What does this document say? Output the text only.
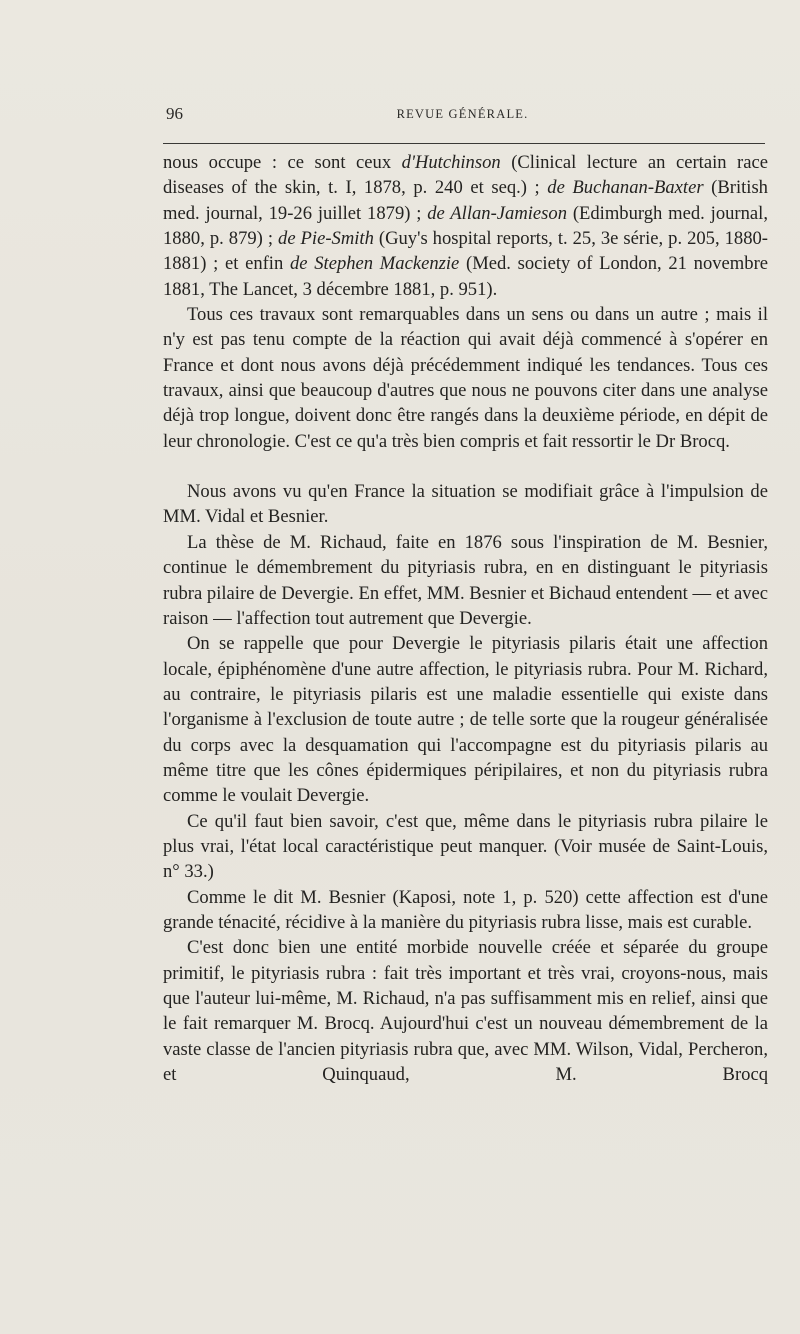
96	REVUE GÉNÉRALE.

nous occupe : ce sont ceux d'Hutchinson (Clinical lecture an certain race diseases of the skin, t. I, 1878, p. 240 et seq.) ; de Buchanan-Baxter (British med. journal, 19-26 juillet 1879) ; de Allan-Jamieson (Edimburgh med. journal, 1880, p. 879) ; de Pie-Smith (Guy's hospital reports, t. 25, 3e série, p. 205, 1880-1881) ; et enfin de Stephen Mackenzie (Med. society of London, 21 novembre 1881, The Lancet, 3 décembre 1881, p. 951).

Tous ces travaux sont remarquables dans un sens ou dans un autre ; mais il n'y est pas tenu compte de la réaction qui avait déjà commencé à s'opérer en France et dont nous avons déjà précédemment indiqué les tendances. Tous ces travaux, ainsi que beaucoup d'autres que nous ne pouvons citer dans une analyse déjà trop longue, doivent donc être rangés dans la deuxième période, en dépit de leur chronologie. C'est ce qu'a très bien compris et fait ressortir le Dr Brocq.

Nous avons vu qu'en France la situation se modifiait grâce à l'impulsion de MM. Vidal et Besnier.

La thèse de M. Richaud, faite en 1876 sous l'inspiration de M. Besnier, continue le démembrement du pityriasis rubra, en en distinguant le pityriasis rubra pilaire de Devergie. En effet, MM. Besnier et Bichaud entendent — et avec raison — l'affection tout autrement que Devergie.

On se rappelle que pour Devergie le pityriasis pilaris était une affection locale, épiphénomène d'une autre affection, le pityriasis rubra. Pour M. Richard, au contraire, le pityriasis pilaris est une maladie essentielle qui existe dans l'organisme à l'exclusion de toute autre ; de telle sorte que la rougeur généralisée du corps avec la desquamation qui l'accompagne est du pityriasis pilaris au même titre que les cônes épidermiques péripilaires, et non du pityriasis rubra comme le voulait Devergie.

Ce qu'il faut bien savoir, c'est que, même dans le pityriasis rubra pilaire le plus vrai, l'état local caractéristique peut manquer. (Voir musée de Saint-Louis, n° 33.)

Comme le dit M. Besnier (Kaposi, note 1, p. 520) cette affection est d'une grande ténacité, récidive à la manière du pityriasis rubra lisse, mais est curable.

C'est donc bien une entité morbide nouvelle créée et séparée du groupe primitif, le pityriasis rubra : fait très important et très vrai, croyons-nous, mais que l'auteur lui-même, M. Richaud, n'a pas suffisamment mis en relief, ainsi que le fait remarquer M. Brocq. Aujourd'hui c'est un nouveau démembrement de la vaste classe de l'ancien pityriasis rubra que, avec MM. Wilson, Vidal, Percheron, et Quinquaud, M. Brocq
